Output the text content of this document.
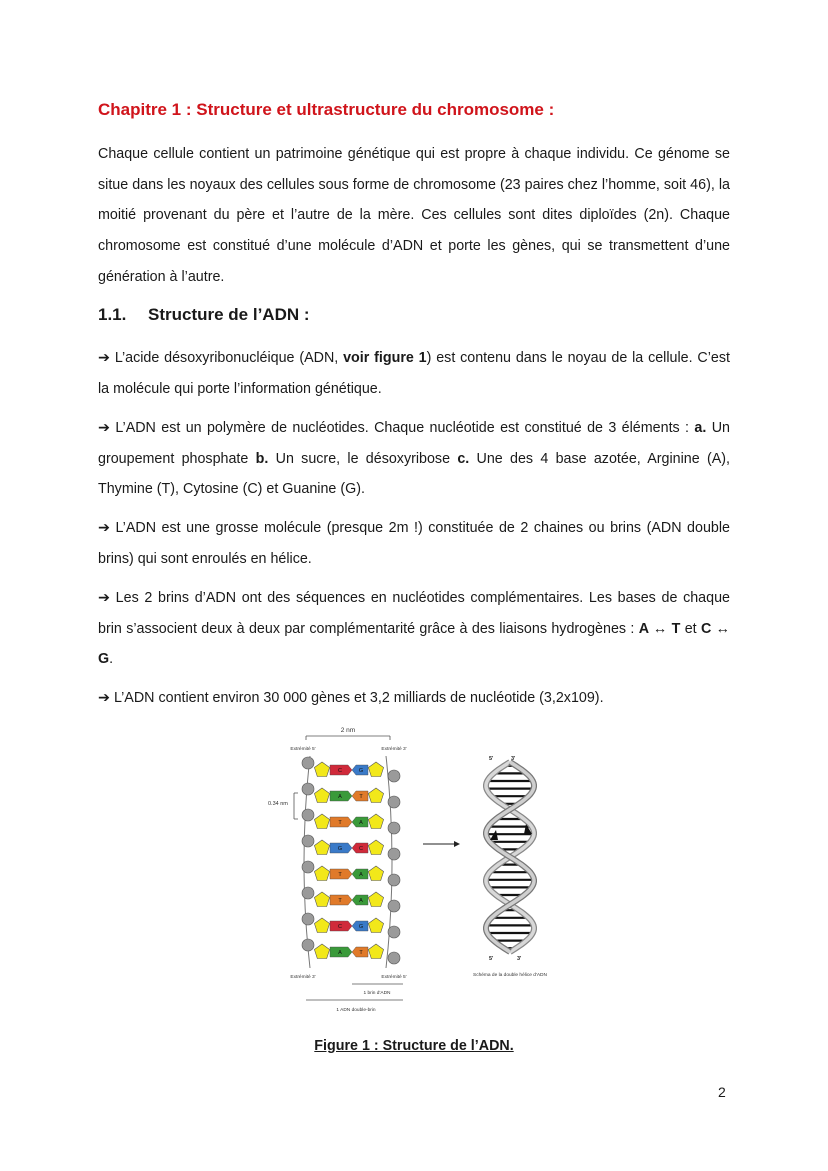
Chapitre 1 : Structure et ultrastructure du chromosome :

Chaque cellule contient un patrimoine génétique qui est propre à chaque individu. Ce génome se situe dans les noyaux des cellules sous forme de chromosome (23 paires chez l’homme, soit 46), la moitié provenant du père et l’autre de la mère. Ces cellules sont dites diploïdes (2n). Chaque chromosome est constitué d’une molécule d’ADN et porte les gènes, qui se transmettent d’une génération à l’autre.

1.1. Structure de l’ADN :

➔ L’acide désoxyribonucléique (ADN, voir figure 1) est contenu dans le noyau de la cellule. C’est la molécule qui porte l’information génétique.

➔ L’ADN est un polymère de nucléotides. Chaque nucléotide est constitué de 3 éléments : a. Un groupement phosphate b. Un sucre, le désoxyribose c. Une des 4 base azotée, Arginine (A), Thymine (T), Cytosine (C) et Guanine (G).

➔ L’ADN est une grosse molécule (presque 2m !) constituée de 2 chaines ou brins (ADN double brins) qui sont enroulés en hélice.

➔ Les 2 brins d’ADN ont des séquences en nucléotides complémentaires. Les bases de chaque brin s’associent deux à deux par complémentarité grâce à des liaisons hydrogènes : A ↔ T et C ↔ G.

➔ L’ADN contient environ 30 000 gènes et 3,2 milliards de nucléotide (3,2x109).

2 nm
Extrémité 5'	Extrémité 3'
0.34 nm
C	G
A	T
T	A
G	C
T	A
T	A
C	G
A	T
Extrémité 3'	Extrémité 5'
1 brin d'ADN
1 ADN double-brin
5'	3'
5'	3'
Schéma de la double hélice d'ADN

Figure 1 : Structure de l’ADN.

2
